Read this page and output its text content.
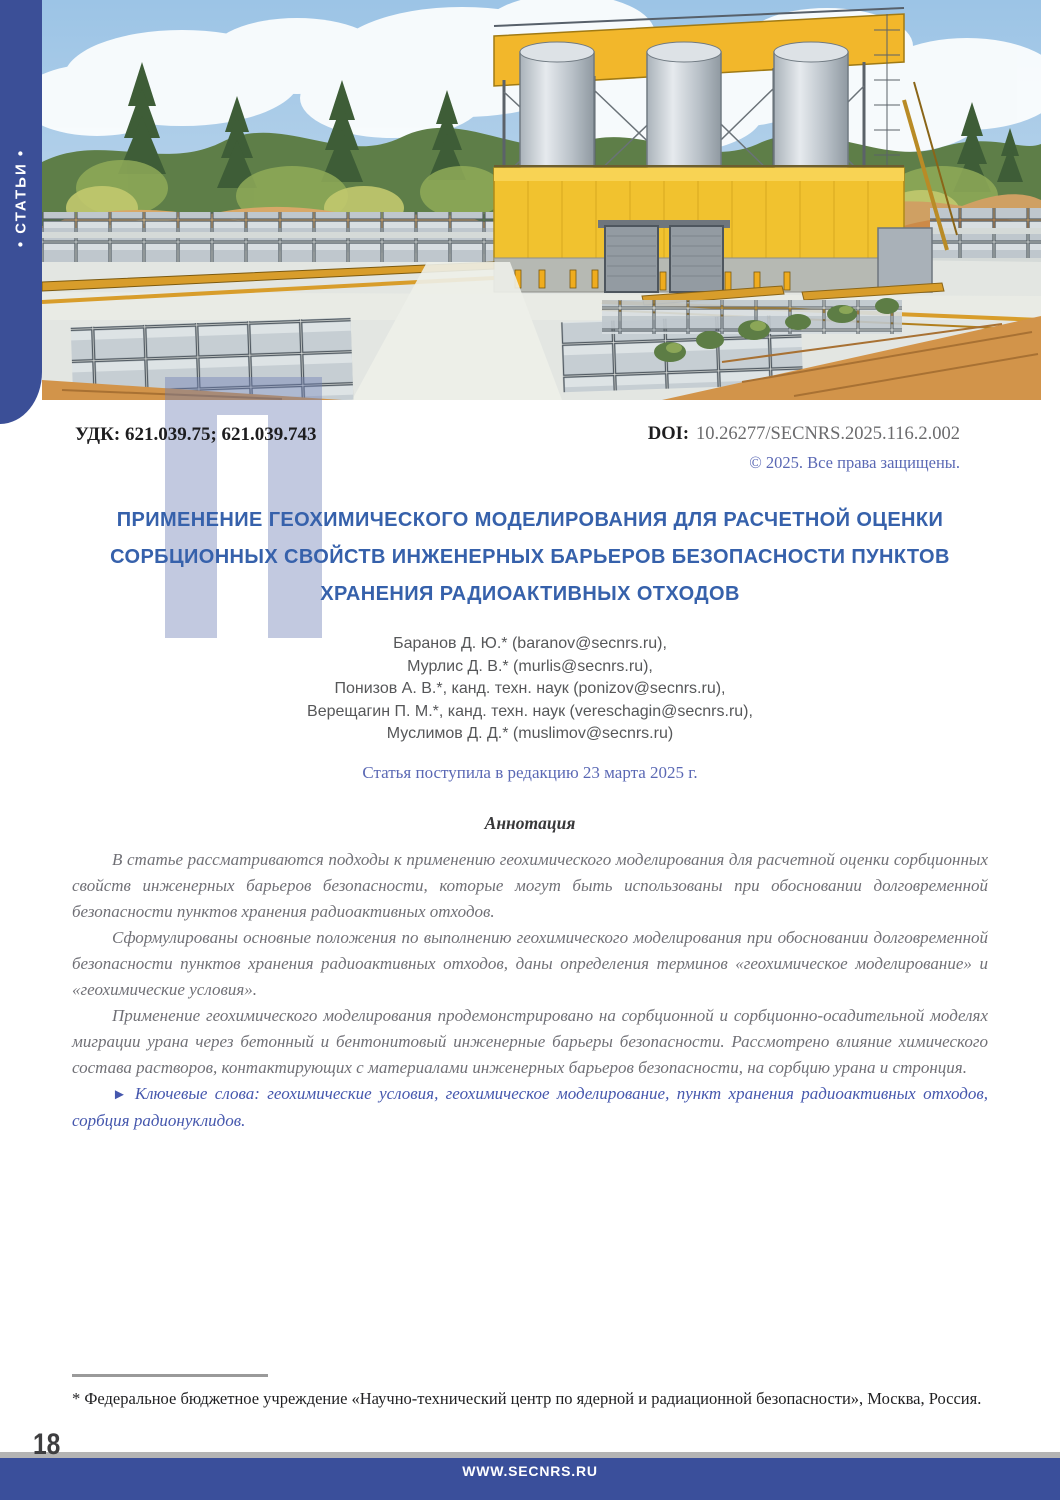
• СТАТЬИ •
УДК: 621.039.75; 621.039.743	DOI: 10.26277/SECNRS.2025.116.2.002
© 2025. Все права защищены.
ПРИМЕНЕНИЕ ГЕОХИМИЧЕСКОГО МОДЕЛИРОВАНИЯ ДЛЯ РАСЧЕТНОЙ ОЦЕНКИ
СОРБЦИОННЫХ СВОЙСТВ ИНЖЕНЕРНЫХ БАРЬЕРОВ БЕЗОПАСНОСТИ ПУНКТОВ
ХРАНЕНИЯ РАДИОАКТИВНЫХ ОТХОДОВ
Баранов Д. Ю.* (baranov@secnrs.ru),
Мурлис Д. В.* (murlis@secnrs.ru),
Понизов А. В.*, канд. техн. наук (ponizov@secnrs.ru),
Верещагин П. М.*, канд. техн. наук (vereschagin@secnrs.ru),
Муслимов Д. Д.* (muslimov@secnrs.ru)
Статья поступила в редакцию 23 марта 2025 г.
Аннотация

В статье рассматриваются подходы к применению геохимического моделирования для расчетной оценки сорбционных свойств инженерных барьеров безопасности, которые могут быть использованы при обосновании долговременной безопасности пунктов хранения радиоактивных отходов.

Сформулированы основные положения по выполнению геохимического моделирования при обосновании долговременной безопасности пунктов хранения радиоактивных отходов, даны определения терминов «геохимическое моделирование» и «геохимические условия».

Применение геохимического моделирования продемонстрировано на сорбционной и сорбционно-осадительной моделях миграции урана через бетонный и бентонитовый инженерные барьеры безопасности. Рассмотрено влияние химического состава растворов, контактирующих с материалами инженерных барьеров безопасности, на сорбцию урана и стронция.

► Ключевые слова: геохимические условия, геохимическое моделирование, пункт хранения радиоактивных отходов, сорбция радионуклидов.

* Федеральное бюджетное учреждение «Научно-технический центр по ядерной и радиационной безопасности», Москва, Россия.
18
WWW.SECNRS.RU
